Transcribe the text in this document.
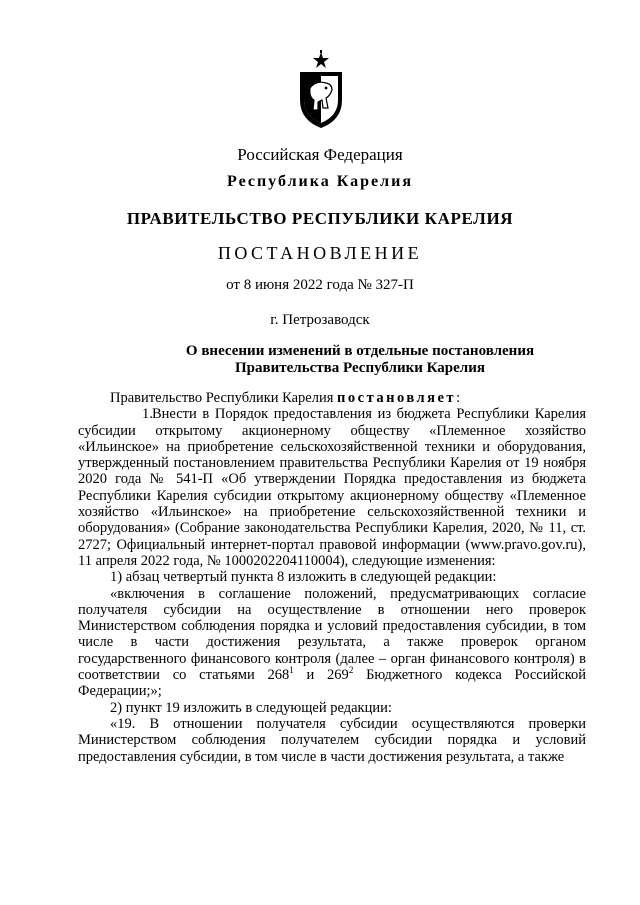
Российская Федерация
Республика Карелия
ПРАВИТЕЛЬСТВО РЕСПУБЛИКИ КАРЕЛИЯ
ПОСТАНОВЛЕНИЕ
от 8 июня 2022 года № 327-П
г. Петрозаводск
О внесении изменений в отдельные постановления
Правительства Республики Карелия

Правительство Республики Карелия постановляет:

1.Внести в Порядок предоставления из бюджета Республики Карелия субсидии открытому акционерному обществу «Племенное хозяйство «Ильинское» на приобретение сельскохозяйственной техники и оборудования, утвержденный постановлением правительства Республики Карелия от 19 ноября 2020 года № 541-П «Об утверждении Порядка предоставления из бюджета Республики Карелия субсидии открытому акционерному обществу «Племенное хозяйство «Ильинское» на приобретение сельскохозяйственной техники и оборудования» (Собрание законодательства Республики Карелия, 2020, № 11, ст. 2727; Официальный интернет-портал правовой информации (www.pravo.gov.ru), 11 апреля 2022 года, № 1000202204110004), следующие изменения:

1) абзац четвертый пункта 8 изложить в следующей редакции:

«включения в соглашение положений, предусматривающих согласие получателя субсидии на осуществление в отношении него проверок Министерством соблюдения порядка и условий предоставления субсидии, в том числе в части достижения результата, а также проверок органом государственного финансового контроля (далее – орган финансового контроля) в соответствии со статьями $268^1$ и $269^2$ Бюджетного кодекса Российской Федерации;»;

2) пункт 19 изложить в следующей редакции:

«19. В отношении получателя субсидии осуществляются проверки Министерством соблюдения получателем субсидии порядка и условий предоставления субсидии, в том числе в части достижения результата, а также
